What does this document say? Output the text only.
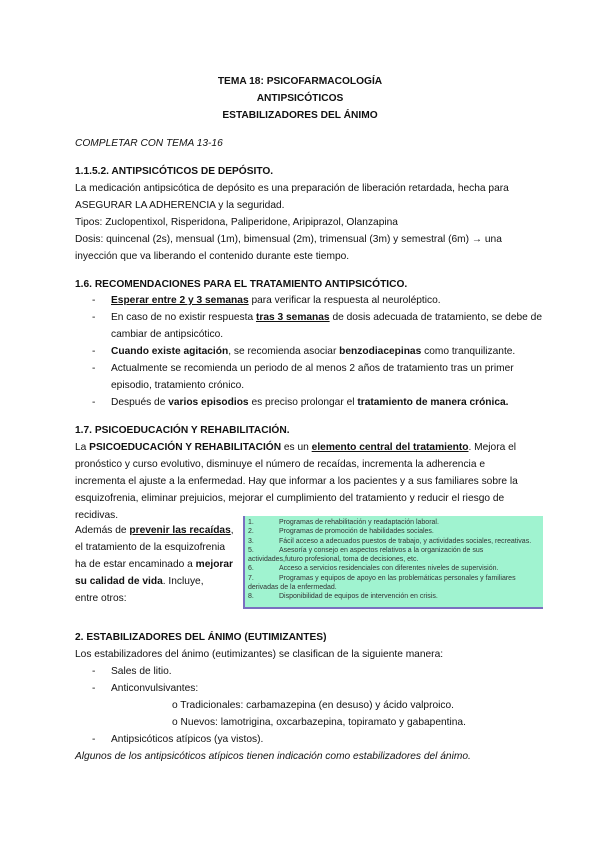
TEMA 18: PSICOFARMACOLOGÍA
ANTIPSICÓTICOS
ESTABILIZADORES DEL ÁNIMO
COMPLETAR CON TEMA 13-16
1.1.5.2. ANTIPSICÓTICOS DE DEPÓSITO.
La medicación antipsicótica de depósito es una preparación de liberación retardada, hecha para
ASEGURAR LA ADHERENCIA y la seguridad.
Tipos: Zuclopentixol, Risperidona, Paliperidone, Aripiprazol, Olanzapina
Dosis: quincenal (2s), mensual (1m), bimensual (2m), trimensual (3m) y semestral (6m) → una
inyección que va liberando el contenido durante este tiempo.
1.6. RECOMENDACIONES PARA EL TRATAMIENTO ANTIPSICÓTICO.
- Esperar entre 2 y 3 semanas para verificar la respuesta al neuroléptico.
- En caso de no existir respuesta tras 3 semanas de dosis adecuada de tratamiento, se debe de
cambiar de antipsicótico.
- Cuando existe agitación, se recomienda asociar benzodiacepinas como tranquilizante.
- Actualmente se recomienda un periodo de al menos 2 años de tratamiento tras un primer
episodio, tratamiento crónico.
- Después de varios episodios es preciso prolongar el tratamiento de manera crónica.
1.7. PSICOEDUCACIÓN Y REHABILITACIÓN.
La PSICOEDUCACIÓN Y REHABILITACIÓN es un elemento central del tratamiento. Mejora el
pronóstico y curso evolutivo, disminuye el número de recaídas, incrementa la adherencia e
incrementa el ajuste a la enfermedad. Hay que informar a los pacientes y a sus familiares sobre la
esquizofrenia, eliminar prejuicios, mejorar el cumplimiento del tratamiento y reducir el riesgo de
recidivas.
Además de prevenir las recaídas,
el tratamiento de la esquizofrenia
ha de estar encaminado a mejorar
su calidad de vida. Incluye,
entre otros:
1.	Programas de rehabilitación y readaptación laboral.
2.	Programas de promoción de habilidades sociales.
3.	Fácil acceso a adecuados puestos de trabajo, y actividades sociales, recreativas.
5.	Asesoría y consejo en aspectos relativos a la organización de sus
actividades,futuro profesional, toma de decisiones, etc.
6.	Acceso a servicios residenciales con diferentes niveles de supervisión.
7.	Programas y equipos de apoyo en las problemáticas personales y familiares
derivadas de la enfermedad.
8.	Disponibilidad de equipos de intervención en crisis.
2. ESTABILIZADORES DEL ÁNIMO (EUTIMIZANTES)
Los estabilizadores del ánimo (eutimizantes) se clasifican de la siguiente manera:
- Sales de litio.
- Anticonvulsivantes:
o Tradicionales: carbamazepina (en desuso) y ácido valproico.
o Nuevos: lamotrigina, oxcarbazepina, topiramato y gabapentina.
- Antipsicóticos atípicos (ya vistos).
Algunos de los antipsicóticos atípicos tienen indicación como estabilizadores del ánimo.
